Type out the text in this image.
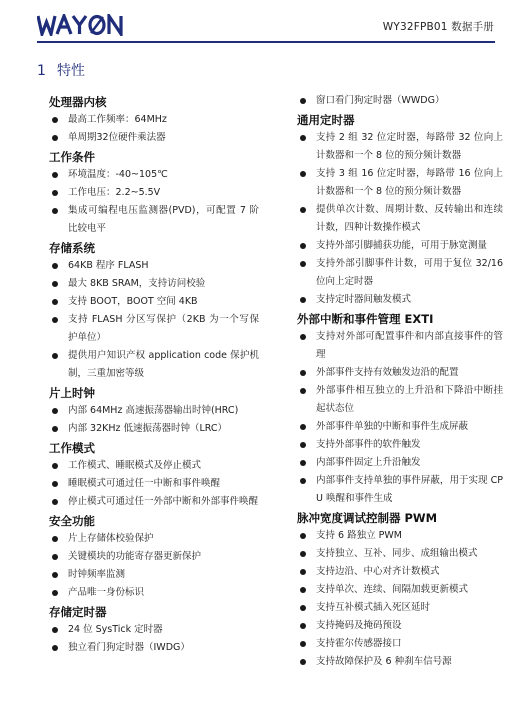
WY32FPB01 数据手册
1 特性
处理器内核
最高工作频率：64MHz
单周期32位硬件乘法器
工作条件
环境温度：-40~105℃
工作电压：2.2~5.5V
集成可编程电压监测器(PVD)，可配置 7 阶比较电平
存储系统
64KB 程序 FLASH
最大 8KB SRAM，支持访问校验
支持 BOOT，BOOT 空间 4KB
支持 FLASH 分区写保护（2KB 为一个写保护单位）
提供用户知识产权 application code 保护机制，三重加密等级
片上时钟
内部 64MHz 高速振荡器输出时钟(HRC)
内部 32KHz 低速振荡器时钟（LRC）
工作模式
工作模式、睡眠模式及停止模式
睡眠模式可通过任一中断和事件唤醒
停止模式可通过任一外部中断和外部事件唤醒
安全功能
片上存储体校验保护
关键模块的功能寄存器更新保护
时钟频率监测
产品唯一身份标识
存储定时器
24 位 SysTick 定时器
独立看门狗定时器（IWDG）
窗口看门狗定时器（WWDG）
通用定时器
支持 2 组 32 位定时器，每路带 32 位向上计数器和一个 8 位的预分频计数器
支持 3 组 16 位定时器，每路带 16 位向上计数器和一个 8 位的预分频计数器
提供单次计数、周期计数、反转输出和连续计数，四种计数操作模式
支持外部引脚捕获功能，可用于脉宽测量
支持外部引脚事件计数，可用于复位 32/16 位向上定时器
支持定时器间触发模式
外部中断和事件管理 EXTI
支持对外部可配置事件和内部直接事件的管理
外部事件支持有效触发边沿的配置
外部事件相互独立的上升沿和下降沿中断挂起状态位
外部事件单独的中断和事件生成屏蔽
支持外部事件的软件触发
内部事件固定上升沿触发
内部事件支持单独的事件屏蔽，用于实现 CPU 唤醒和事件生成
脉冲宽度调试控制器 PWM
支持 6 路独立 PWM
支持独立、互补、同步、成组输出模式
支持边沿、中心对齐计数模式
支持单次、连续、间隔加载更新模式
支持互补模式插入死区延时
支持掩码及掩码预设
支持霍尔传感器接口
支持故障保护及 6 种刹车信号源
